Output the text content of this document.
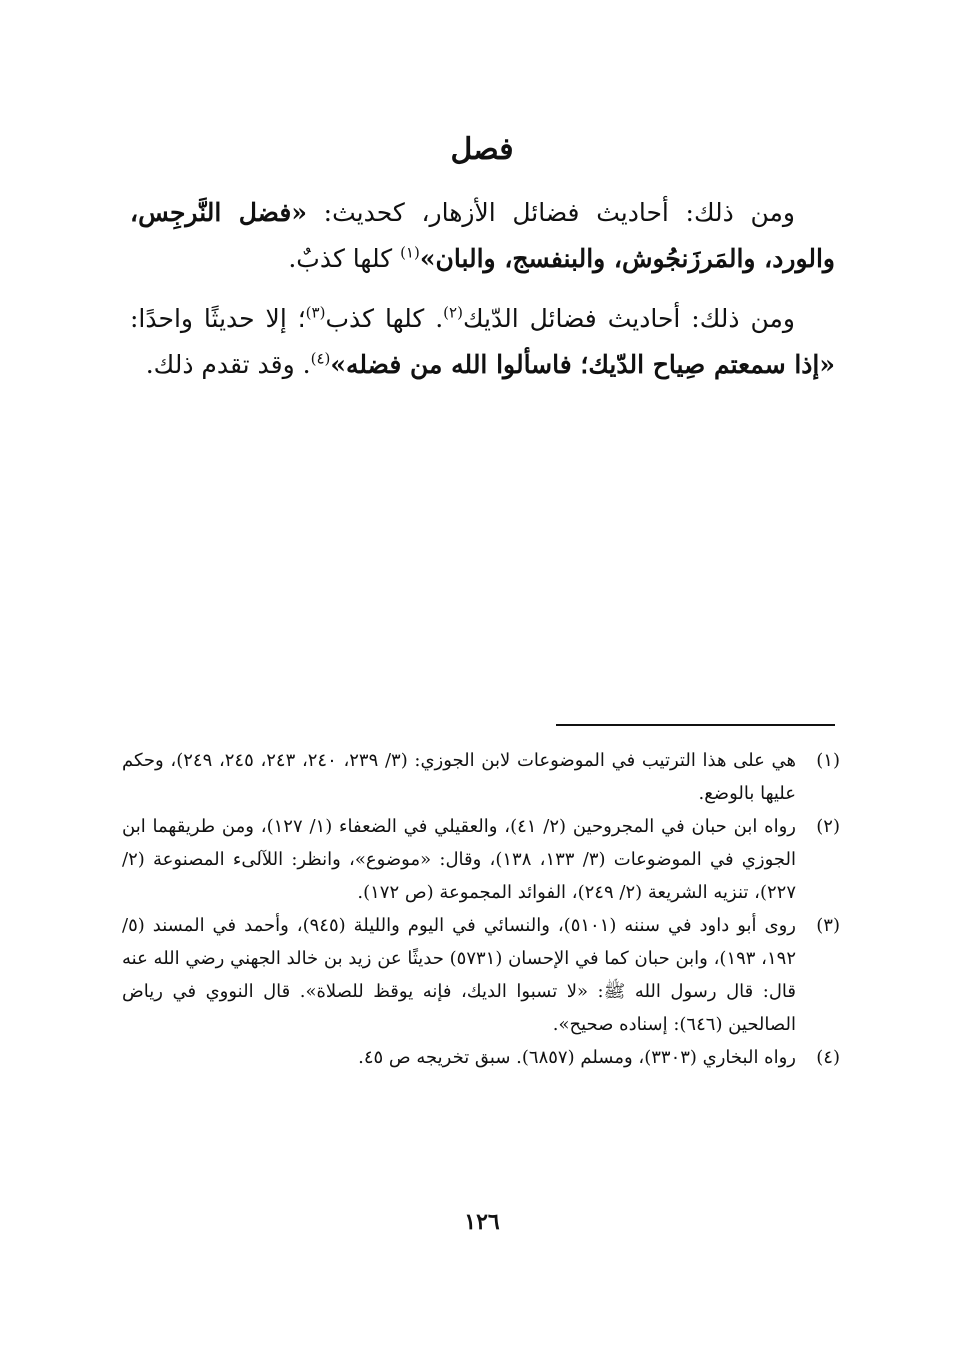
فصل

ومن ذلك: أحاديث فضائل الأزهار، كحديث: «فضل النَّرجِس، والورد، والمَرزَنجُوش، والبنفسج، والبان»$^{(١)}$ كلها كذبٌ.

ومن ذلك: أحاديث فضائل الدّيك$^{(٢)}$. كلها كذب$^{(٣)}$؛ إلا حديثًا واحدًا: «إذا سمعتم صِياح الدّيك؛ فاسألوا الله من فضله»$^{(٤)}$. وقد تقدم ذلك.

(١)
هي على هذا الترتيب في الموضوعات لابن الجوزي: (٣/ ٢٣٩، ٢٤٠، ٢٤٣، ٢٤٥، ٢٤٩)، وحكم عليها بالوضع.
(٢)
رواه ابن حبان في المجروحين (٢/ ٤١)، والعقيلي في الضعفاء (١/ ١٢٧)، ومن طريقهما ابن الجوزي في الموضوعات (٣/ ١٣٣، ١٣٨)، وقال: «موضوع»، وانظر: اللآلىء المصنوعة (٢/ ٢٢٧)، تنزيه الشريعة (٢/ ٢٤٩)، الفوائد المجموعة (ص ١٧٢).
(٣)
روى أبو داود في سننه (٥١٠١)، والنسائي في اليوم والليلة (٩٤٥)، وأحمد في المسند (٥/ ١٩٢، ١٩٣)، وابن حبان كما في الإحسان (٥٧٣١) حديثًا عن زيد بن خالد الجهني رضي الله عنه قال: قال رسول الله ﷺ: «لا تسبوا الديك، فإنه يوقظ للصلاة». قال النووي في رياض الصالحين (٦٤٦): إسناده صحيح».
(٤)
رواه البخاري (٣٣٠٣)، ومسلم (٦٨٥٧). سبق تخريجه ص ٤٥.
١٢٦
